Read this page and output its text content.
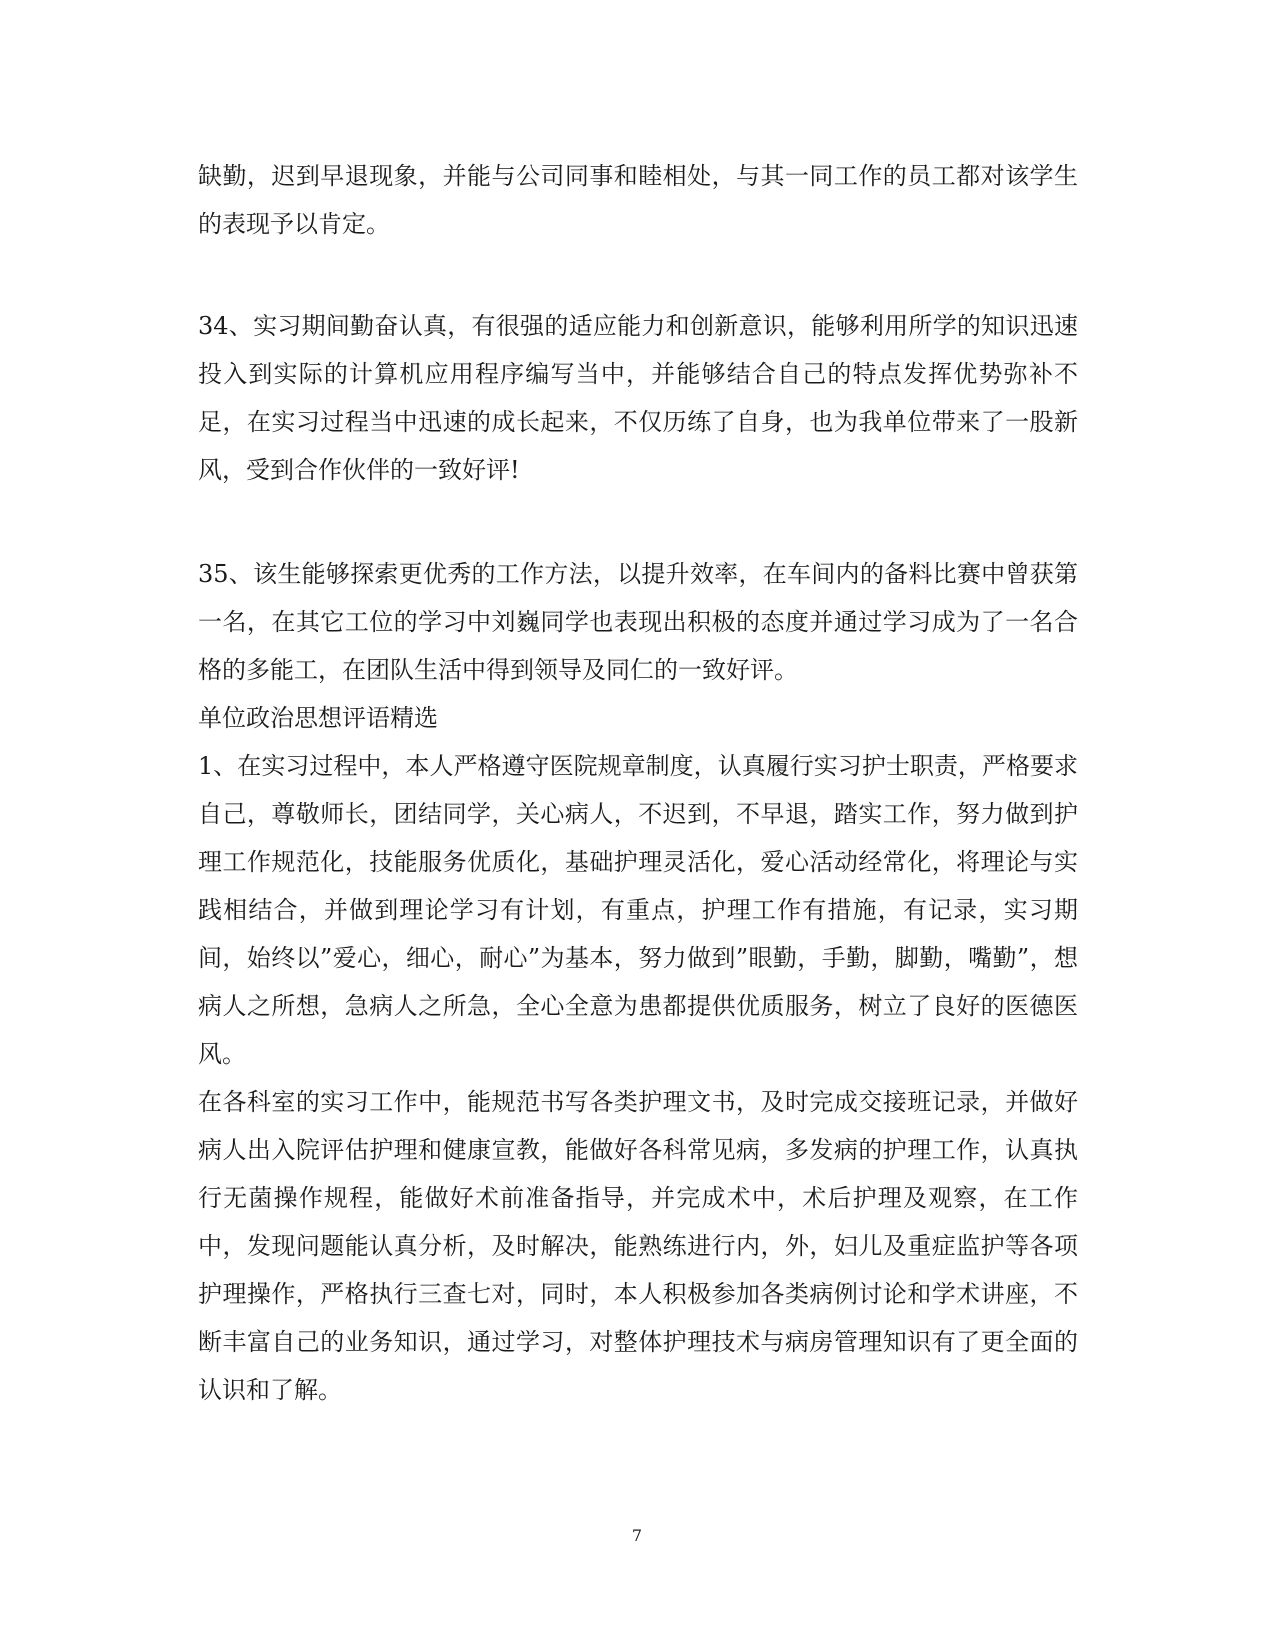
缺勤，迟到早退现象，并能与公司同事和睦相处，与其一同工作的员工都对该学生的表现予以肯定。

34、实习期间勤奋认真，有很强的适应能力和创新意识，能够利用所学的知识迅速投入到实际的计算机应用程序编写当中，并能够结合自己的特点发挥优势弥补不足，在实习过程当中迅速的成长起来，不仅历练了自身，也为我单位带来了一股新风，受到合作伙伴的一致好评!

35、该生能够探索更优秀的工作方法，以提升效率，在车间内的备料比赛中曾获第一名，在其它工位的学习中刘巍同学也表现出积极的态度并通过学习成为了一名合格的多能工，在团队生活中得到领导及同仁的一致好评。

单位政治思想评语精选

1、在实习过程中，本人严格遵守医院规章制度，认真履行实习护士职责，严格要求自己，尊敬师长，团结同学，关心病人，不迟到，不早退，踏实工作，努力做到护理工作规范化，技能服务优质化，基础护理灵活化，爱心活动经常化，将理论与实践相结合，并做到理论学习有计划，有重点，护理工作有措施，有记录，实习期间，始终以”爱心，细心，耐心”为基本，努力做到”眼勤，手勤，脚勤，嘴勤”，想病人之所想，急病人之所急，全心全意为患都提供优质服务，树立了良好的医德医风。

在各科室的实习工作中，能规范书写各类护理文书，及时完成交接班记录，并做好病人出入院评估护理和健康宣教，能做好各科常见病，多发病的护理工作，认真执行无菌操作规程，能做好术前准备指导，并完成术中，术后护理及观察，在工作中，发现问题能认真分析，及时解决，能熟练进行内，外，妇儿及重症监护等各项护理操作，严格执行三查七对，同时，本人积极参加各类病例讨论和学术讲座，不断丰富自己的业务知识，通过学习，对整体护理技术与病房管理知识有了更全面的认识和了解。

7
